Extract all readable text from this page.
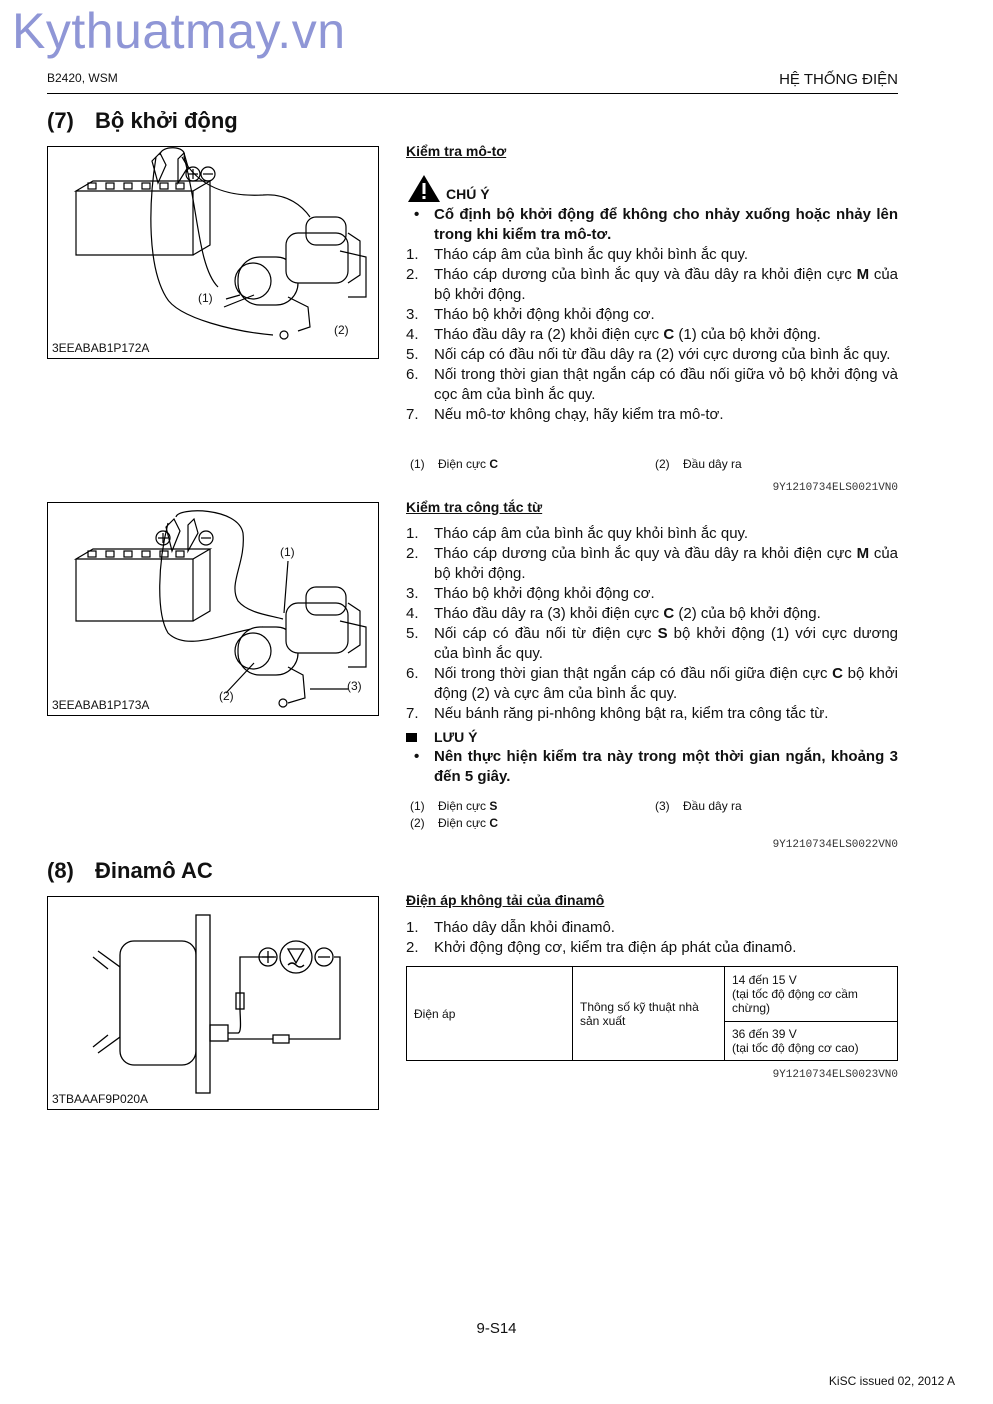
Kythuatmay.vn
B2420, WSM	HỆ THỐNG ĐIỆN
(7) Bộ khởi động
(1)
(2)
3EEABAB1P172A
Kiểm tra mô-tơ
CHÚ Ý
• Cố định bộ khởi động để không cho nhảy xuống hoặc nhảy lên trong khi kiểm tra mô-tơ.
1.	Tháo cáp âm của bình ắc quy khỏi bình ắc quy.
2.	Tháo cáp dương của bình ắc quy và đầu dây ra khỏi điện cực M của bộ khởi động.
3.	Tháo bộ khởi động khỏi động cơ.
4.	Tháo đầu dây ra (2) khỏi điện cực C (1) của bộ khởi động.
5.	Nối cáp có đầu nối từ đầu dây ra (2) với cực dương của bình ắc quy.
6.	Nối trong thời gian thật ngắn cáp có đầu nối giữa vỏ bộ khởi động và cọc âm của bình ắc quy.
7.	Nếu mô-tơ không chạy, hãy kiểm tra mô-tơ.
(1) Điện cực C	(2) Đầu dây ra
9Y1210734ELS0021VN0
(1)
(2)
(3)
3EEABAB1P173A
Kiểm tra công tắc từ
1.	Tháo cáp âm của bình ắc quy khỏi bình ắc quy.
2.	Tháo cáp dương của bình ắc quy và đầu dây ra khỏi điện cực M của bộ khởi động.
3.	Tháo bộ khởi động khỏi động cơ.
4.	Tháo đầu dây ra (3) khỏi điện cực C (2) của bộ khởi động.
5.	Nối cáp có đầu nối từ điện cực S bộ khởi động (1) với cực dương của bình ắc quy.
6.	Nối trong thời gian thật ngắn cáp có đầu nối giữa điện cực C bộ khởi động (2) và cực âm của bình ắc quy.
7.	Nếu bánh răng pi-nhông không bật ra, kiểm tra công tắc từ.
LƯU Ý
• Nên thực hiện kiểm tra này trong một thời gian ngắn, khoảng 3 đến 5 giây.
(1) Điện cực S	(3) Đầu dây ra
(2) Điện cực C
9Y1210734ELS0022VN0
(8) Đinamô AC
3TBAAAF9P020A
Điện áp không tải của đinamô
1.	Tháo dây dẫn khỏi đinamô.
2.	Khởi động động cơ, kiểm tra điện áp phát của đinamô.
Điện áp	Thông số kỹ thuật nhà sản xuất	
14 đến 15 V
(tại tốc độ động cơ cầm chừng)

36 đến 39 V
(tại tốc độ động cơ cao)
9Y1210734ELS0023VN0
9-S14
KiSC issued 02, 2012 A
